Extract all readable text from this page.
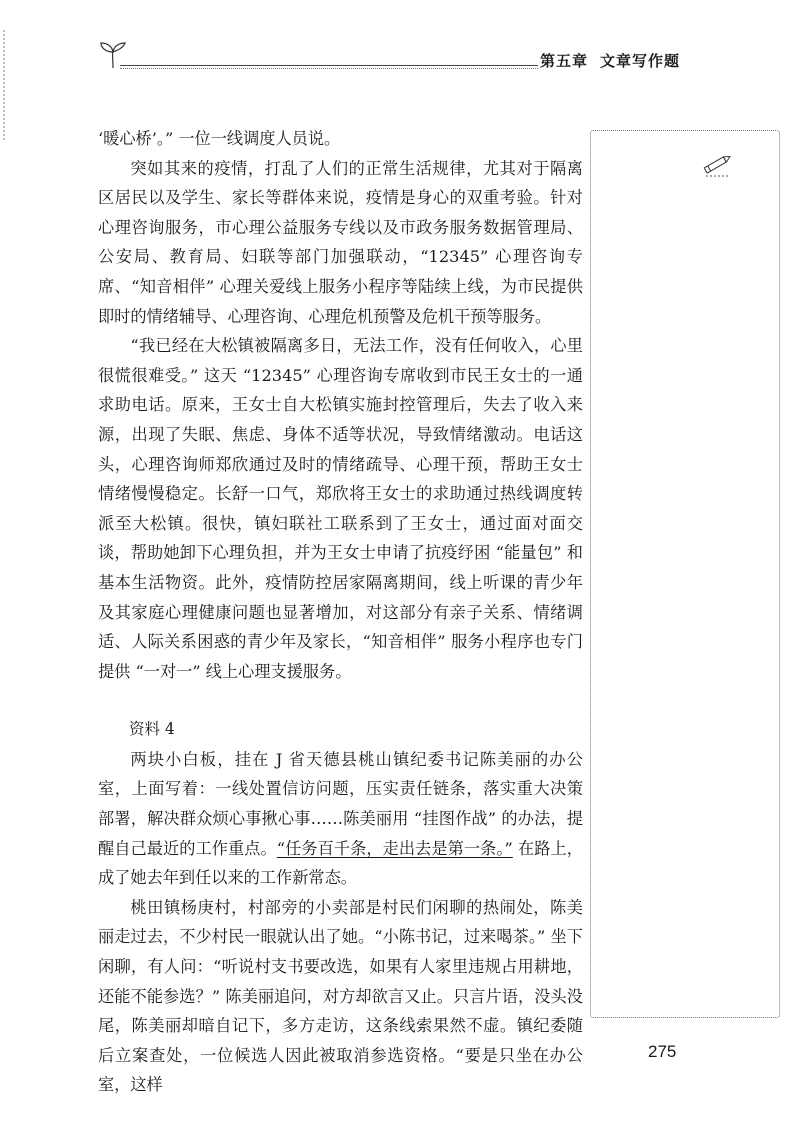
第五章 文章写作题

‘暖心桥’。” 一位一线调度人员说。

突如其来的疫情，打乱了人们的正常生活规律，尤其对于隔离区居民以及学生、家长等群体来说，疫情是身心的双重考验。针对心理咨询服务，市心理公益服务专线以及市政务服务数据管理局、公安局、教育局、妇联等部门加强联动，“12345” 心理咨询专席、“知音相伴” 心理关爱线上服务小程序等陆续上线，为市民提供即时的情绪辅导、心理咨询、心理危机预警及危机干预等服务。

“我已经在大松镇被隔离多日，无法工作，没有任何收入，心里很慌很难受。” 这天 “12345” 心理咨询专席收到市民王女士的一通求助电话。原来，王女士自大松镇实施封控管理后，失去了收入来源，出现了失眠、焦虑、身体不适等状况，导致情绪激动。电话这头，心理咨询师郑欣通过及时的情绪疏导、心理干预，帮助王女士情绪慢慢稳定。长舒一口气，郑欣将王女士的求助通过热线调度转派至大松镇。很快，镇妇联社工联系到了王女士，通过面对面交谈，帮助她卸下心理负担，并为王女士申请了抗疫纾困 “能量包” 和基本生活物资。此外，疫情防控居家隔离期间，线上听课的青少年及其家庭心理健康问题也显著增加，对这部分有亲子关系、情绪调适、人际关系困惑的青少年及家长，“知音相伴” 服务小程序也专门提供 “一对一” 线上心理支援服务。

资料 4

两块小白板，挂在 J 省天德县桃山镇纪委书记陈美丽的办公室，上面写着：一线处置信访问题，压实责任链条，落实重大决策部署，解决群众烦心事揪心事……陈美丽用 “挂图作战” 的办法，提醒自己最近的工作重点。“任务百千条，走出去是第一条。” 在路上，成了她去年到任以来的工作新常态。

桃田镇杨庚村，村部旁的小卖部是村民们闲聊的热闹处，陈美丽走过去，不少村民一眼就认出了她。“小陈书记，过来喝茶。” 坐下闲聊，有人问：“听说村支书要改选，如果有人家里违规占用耕地，还能不能参选？” 陈美丽追问，对方却欲言又止。只言片语，没头没尾，陈美丽却暗自记下，多方走访，这条线索果然不虚。镇纪委随后立案查处，一位候选人因此被取消参选资格。“要是只坐在办公室，这样

275
